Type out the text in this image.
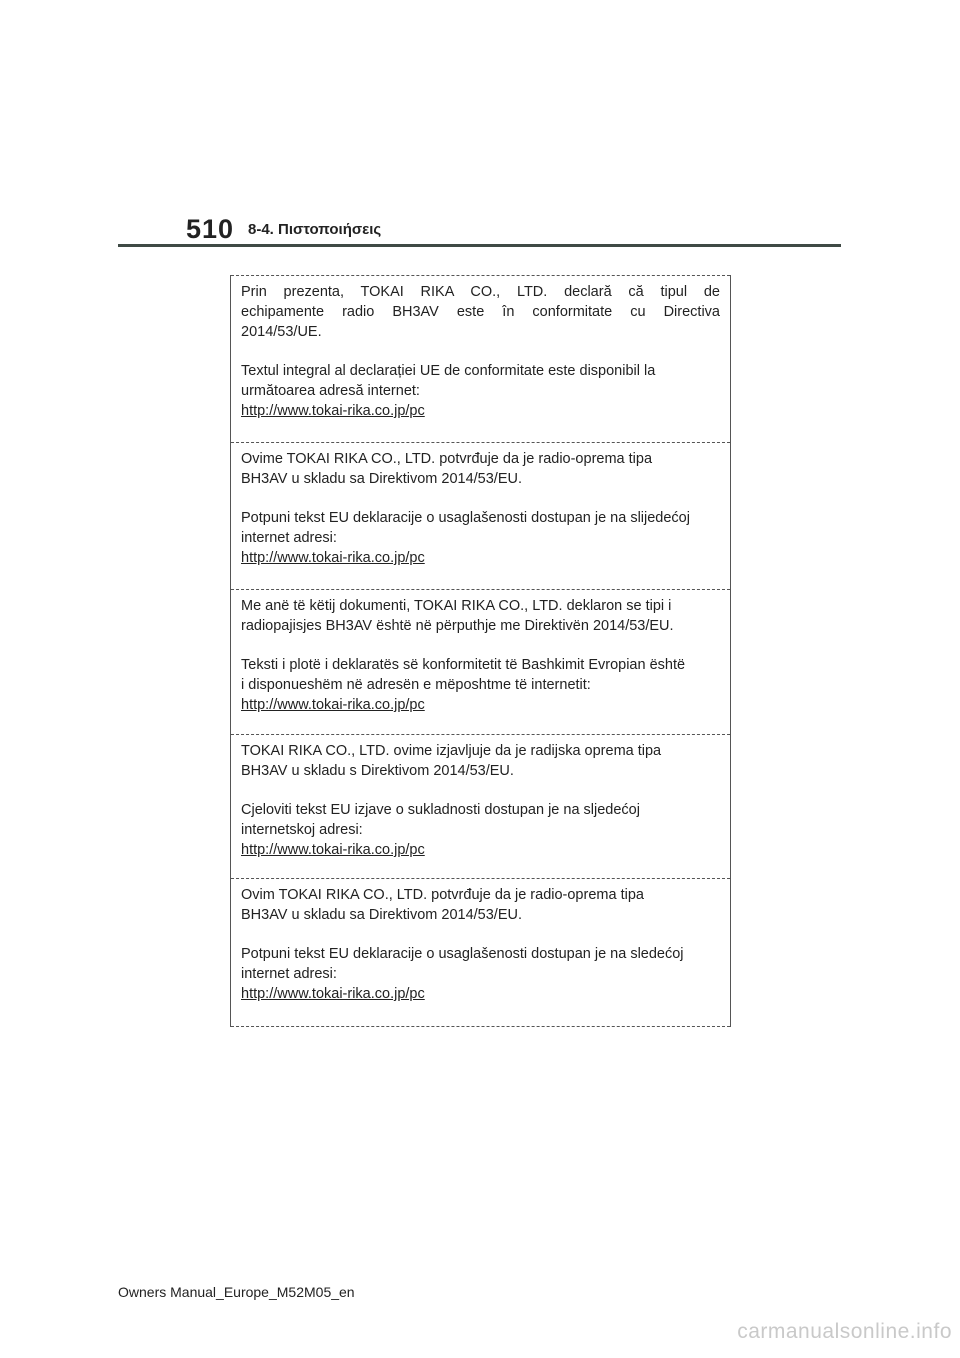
510 8-4. Πιστοποιήσεις

Prin prezenta, TOKAI RIKA CO., LTD. declară că tipul de

echipamente radio BH3AV este în conformitate cu Directiva

2014/53/UE.

Textul integral al declarației UE de conformitate este disponibil la

următoarea adresă internet:

http://www.tokai-rika.co.jp/pc

Ovime TOKAI RIKA CO., LTD. potvrđuje da je radio-oprema tipa

BH3AV u skladu sa Direktivom 2014/53/EU.

Potpuni tekst EU deklaracije o usaglašenosti dostupan je na slijedećoj

internet adresi:

http://www.tokai-rika.co.jp/pc

Me anë të këtij dokumenti, TOKAI RIKA CO., LTD. deklaron se tipi i

radiopajisjes BH3AV është në përputhje me Direktivën 2014/53/EU.

Teksti i plotë i deklaratës së konformitetit të Bashkimit Evropian është

i disponueshëm në adresën e mëposhtme të internetit:

http://www.tokai-rika.co.jp/pc

TOKAI RIKA CO., LTD. ovime izjavljuje da je radijska oprema tipa

BH3AV u skladu s Direktivom 2014/53/EU.

Cjeloviti tekst EU izjave o sukladnosti dostupan je na sljedećoj

internetskoj adresi:

http://www.tokai-rika.co.jp/pc

Ovim TOKAI RIKA CO., LTD. potvrđuje da je radio-oprema tipa

BH3AV u skladu sa Direktivom 2014/53/EU.

Potpuni tekst EU deklaracije o usaglašenosti dostupan je na sledećoj

internet adresi:

http://www.tokai-rika.co.jp/pc

Owners Manual_Europe_M52M05_en
carmanualsonline.info
